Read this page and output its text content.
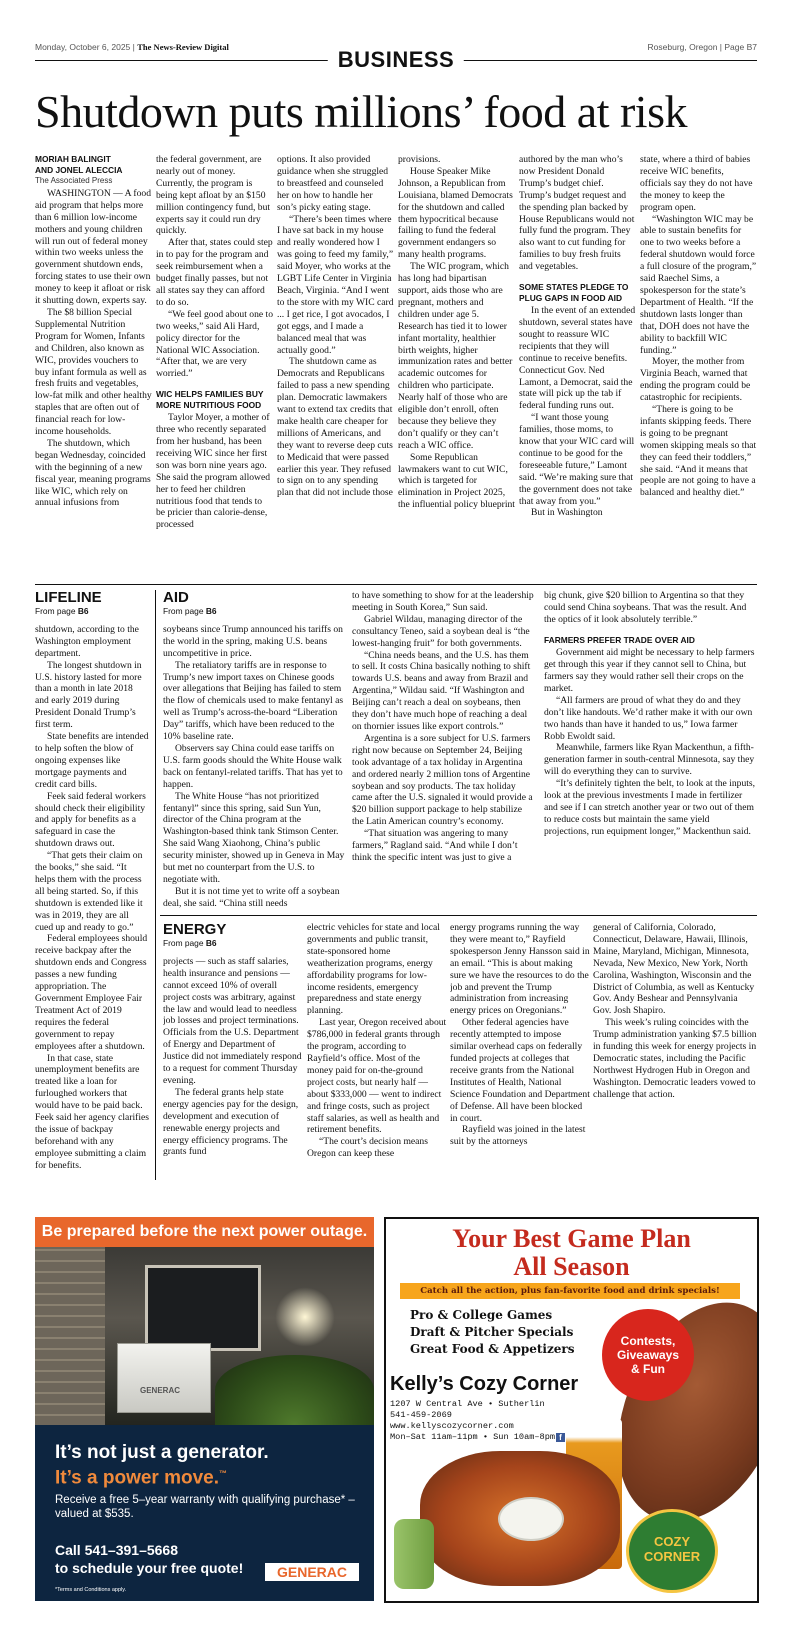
Monday, October 6, 2025 | The News-Review Digital	BUSINESS	Roseburg, Oregon | Page B7
Shutdown puts millions’ food at risk
MORIAH BALINGIT
AND JONEL ALECCIA
The Associated Press

WASHINGTON — A food aid program that helps more than 6 million low-income mothers and young children will run out of federal money within two weeks unless the government shutdown ends, forcing states to use their own money to keep it afloat or risk it shutting down, experts say.

The $8 billion Special Supplemental Nutrition Program for Women, Infants and Children, also known as WIC, provides vouchers to buy infant formula as well as fresh fruits and vegetables, low-fat milk and other healthy staples that are often out of financial reach for low-income households.

The shutdown, which began Wednesday, coincided with the beginning of a new fiscal year, meaning programs like WIC, which rely on annual infusions from

the federal government, are nearly out of money. Currently, the program is being kept afloat by an $150 million contingency fund, but experts say it could run dry quickly.

After that, states could step in to pay for the program and seek reimbursement when a budget finally passes, but not all states say they can afford to do so.

“We feel good about one to two weeks,” said Ali Hard, policy director for the National WIC Association. “After that, we are very worried.”

WIC HELPS FAMILIES BUY MORE NUTRITIOUS FOOD

Taylor Moyer, a mother of three who recently separated from her husband, has been receiving WIC since her first son was born nine years ago. She said the program allowed her to feed her children nutritious food that tends to be pricier than calorie-dense, processed

options. It also provided guidance when she struggled to breastfeed and counseled her on how to handle her son’s picky eating stage.

“There’s been times where I have sat back in my house and really wondered how I was going to feed my family,” said Moyer, who works at the LGBT Life Center in Virginia Beach, Virginia. “And I went to the store with my WIC card ... I get rice, I got avocados, I got eggs, and I made a balanced meal that was actually good.”

The shutdown came as Democrats and Republicans failed to pass a new spending plan. Democratic lawmakers want to extend tax credits that make health care cheaper for millions of Americans, and they want to reverse deep cuts to Medicaid that were passed earlier this year. They refused to sign on to any spending plan that did not include those

provisions.

House Speaker Mike Johnson, a Republican from Louisiana, blamed Democrats for the shutdown and called them hypocritical because failing to fund the federal government endangers so many health programs.

The WIC program, which has long had bipartisan support, aids those who are pregnant, mothers and children under age 5. Research has tied it to lower infant mortality, healthier birth weights, higher immunization rates and better academic outcomes for children who participate. Nearly half of those who are eligible don’t enroll, often because they believe they don’t qualify or they can’t reach a WIC office.

Some Republican lawmakers want to cut WIC, which is targeted for elimination in Project 2025, the influential policy blueprint

authored by the man who’s now President Donald Trump’s budget chief. Trump’s budget request and the spending plan backed by House Republicans would not fully fund the program. They also want to cut funding for families to buy fresh fruits and vegetables.

SOME STATES PLEDGE TO PLUG GAPS IN FOOD AID

In the event of an extended shutdown, several states have sought to reassure WIC recipients that they will continue to receive benefits. Connecticut Gov. Ned Lamont, a Democrat, said the state will pick up the tab if federal funding runs out.

“I want those young families, those moms, to know that your WIC card will continue to be good for the foreseeable future,” Lamont said. “We’re making sure that the government does not take that away from you.”

But in Washington

state, where a third of babies receive WIC benefits, officials say they do not have the money to keep the program open.

“Washington WIC may be able to sustain benefits for one to two weeks before a federal shutdown would force a full closure of the program,” said Raechel Sims, a spokesperson for the state’s Department of Health. “If the shutdown lasts longer than that, DOH does not have the ability to backfill WIC funding.”

Moyer, the mother from Virginia Beach, warned that ending the program could be catastrophic for recipients.

“There is going to be infants skipping feeds. There is going to be pregnant women skipping meals so that they can feed their toddlers,” she said. “And it means that people are not going to have a balanced and healthy diet.”

LIFELINE
From page B6

shutdown, according to the Washington employment department.

The longest shutdown in U.S. history lasted for more than a month in late 2018 and early 2019 during President Donald Trump’s first term.

State benefits are intended to help soften the blow of ongoing expenses like mortgage payments and credit card bills.

Feek said federal workers should check their eligibility and apply for benefits as a safeguard in case the shutdown draws out.

“That gets their claim on the books,” she said. “It helps them with the process all being started. So, if this shutdown is extended like it was in 2019, they are all cued up and ready to go.”

Federal employees should receive backpay after the shutdown ends and Congress passes a new funding appropriation. The Government Employee Fair Treatment Act of 2019 requires the federal government to repay employees after a shutdown.

In that case, state unemployment benefits are treated like a loan for furloughed workers that would have to be paid back. Feek said her agency clarifies the issue of backpay beforehand with any employee submitting a claim for benefits.

AID
From page B6

soybeans since Trump announced his tariffs on the world in the spring, making U.S. beans uncompetitive in price.

The retaliatory tariffs are in response to Trump’s new import taxes on Chinese goods over allegations that Beijing has failed to stem the flow of chemicals used to make fentanyl as well as Trump’s across-the-board “Liberation Day” tariffs, which have been reduced to the 10% baseline rate.

Observers say China could ease tariffs on U.S. farm goods should the White House walk back on fentanyl-related tariffs. That has yet to happen.

The White House “has not prioritized fentanyl” since this spring, said Sun Yun, director of the China program at the Washington-based think tank Stimson Center. She said Wang Xiaohong, China’s public security minister, showed up in Geneva in May but met no counterpart from the U.S. to negotiate with.

But it is not time yet to write off a soybean deal, she said. “China still needs

to have something to show for at the leadership meeting in South Korea,” Sun said.

Gabriel Wildau, managing director of the consultancy Teneo, said a soybean deal is “the lowest-hanging fruit” for both governments.

“China needs beans, and the U.S. has them to sell. It costs China basically nothing to shift towards U.S. beans and away from Brazil and Argentina,” Wildau said. “If Washington and Beijing can’t reach a deal on soybeans, then they don’t have much hope of reaching a deal on thornier issues like export controls.”

Argentina is a sore subject for U.S. farmers right now because on September 24, Beijing took advantage of a tax holiday in Argentina and ordered nearly 2 million tons of Argentine soybean and soy products. The tax holiday came after the U.S. signaled it would provide a $20 billion support package to help stabilize the Latin American country’s economy.

“That situation was angering to many farmers,” Ragland said. “And while I don’t think the specific intent was just to give a

big chunk, give $20 billion to Argentina so that they could send China soybeans. That was the result. And the optics of it look absolutely terrible.”

FARMERS PREFER TRADE OVER AID

Government aid might be necessary to help farmers get through this year if they cannot sell to China, but farmers say they would rather sell their crops on the market.

“All farmers are proud of what they do and they don’t like handouts. We’d rather make it with our own two hands than have it handed to us,” Iowa farmer Robb Ewoldt said.

Meanwhile, farmers like Ryan Mackenthun, a fifth-generation farmer in south-central Minnesota, say they will do everything they can to survive.

“It’s definitely tighten the belt, to look at the inputs, look at the previous investments I made in fertilizer and see if I can stretch another year or two out of them to reduce costs but maintain the same yield projections, run equipment longer,” Mackenthun said.

ENERGY
From page B6

projects — such as staff salaries, health insurance and pensions — cannot exceed 10% of overall project costs was arbitrary, against the law and would lead to needless job losses and project terminations. Officials from the U.S. Department of Energy and Department of Justice did not immediately respond to a request for comment Thursday evening.

The federal grants help state energy agencies pay for the design, development and execution of renewable energy projects and energy efficiency programs. The grants fund

electric vehicles for state and local governments and public transit, state-sponsored home weatherization programs, energy affordability programs for low-income residents, emergency preparedness and state energy planning.

Last year, Oregon received about $786,000 in federal grants through the program, according to Rayfield’s office. Most of the money paid for on-the-ground project costs, but nearly half — about $333,000 — went to indirect and fringe costs, such as project staff salaries, as well as health and retirement benefits.

“The court’s decision means Oregon can keep these

energy programs running the way they were meant to,” Rayfield spokesperson Jenny Hansson said in an email. “This is about making sure we have the resources to do the job and prevent the Trump administration from increasing energy prices on Oregonians.”

Other federal agencies have recently attempted to impose similar overhead caps on federally funded projects at colleges that receive grants from the National Institutes of Health, National Science Foundation and Department of Defense. All have been blocked in court.

Rayfield was joined in the latest suit by the attorneys

general of California, Colorado, Connecticut, Delaware, Hawaii, Illinois, Maine, Maryland, Michigan, Minnesota, Nevada, New Mexico, New York, North Carolina, Washington, Wisconsin and the District of Columbia, as well as Kentucky Gov. Andy Beshear and Pennsylvania Gov. Josh Shapiro.

This week’s ruling coincides with the Trump administration yanking $7.5 billion in funding this week for energy projects in Democratic states, including the Pacific Northwest Hydrogen Hub in Oregon and Washington. Democratic leaders vowed to challenge that action.

Be prepared before the next power outage.
GENERAC
It’s not just a generator.
It’s a power move.™
Receive a free 5–year warranty with qualifying purchase* – valued at $535.
Call 541–391–5668
to schedule your free quote!
*Terms and Conditions apply.
GENERAC
Your Best Game Plan
All Season
Catch all the action, plus fan-favorite food and drink specials!
Pro & College Games
Draft & Pitcher Specials
Great Food & Appetizers
Contests, Giveaways & Fun
Kelly’s Cozy Corner
1207 W Central Ave • Sutherlin
541-459-2069
www.kellyscozycorner.com
Mon–Sat 11am–11pm • Sun 10am–8pm f
COZY CORNER
